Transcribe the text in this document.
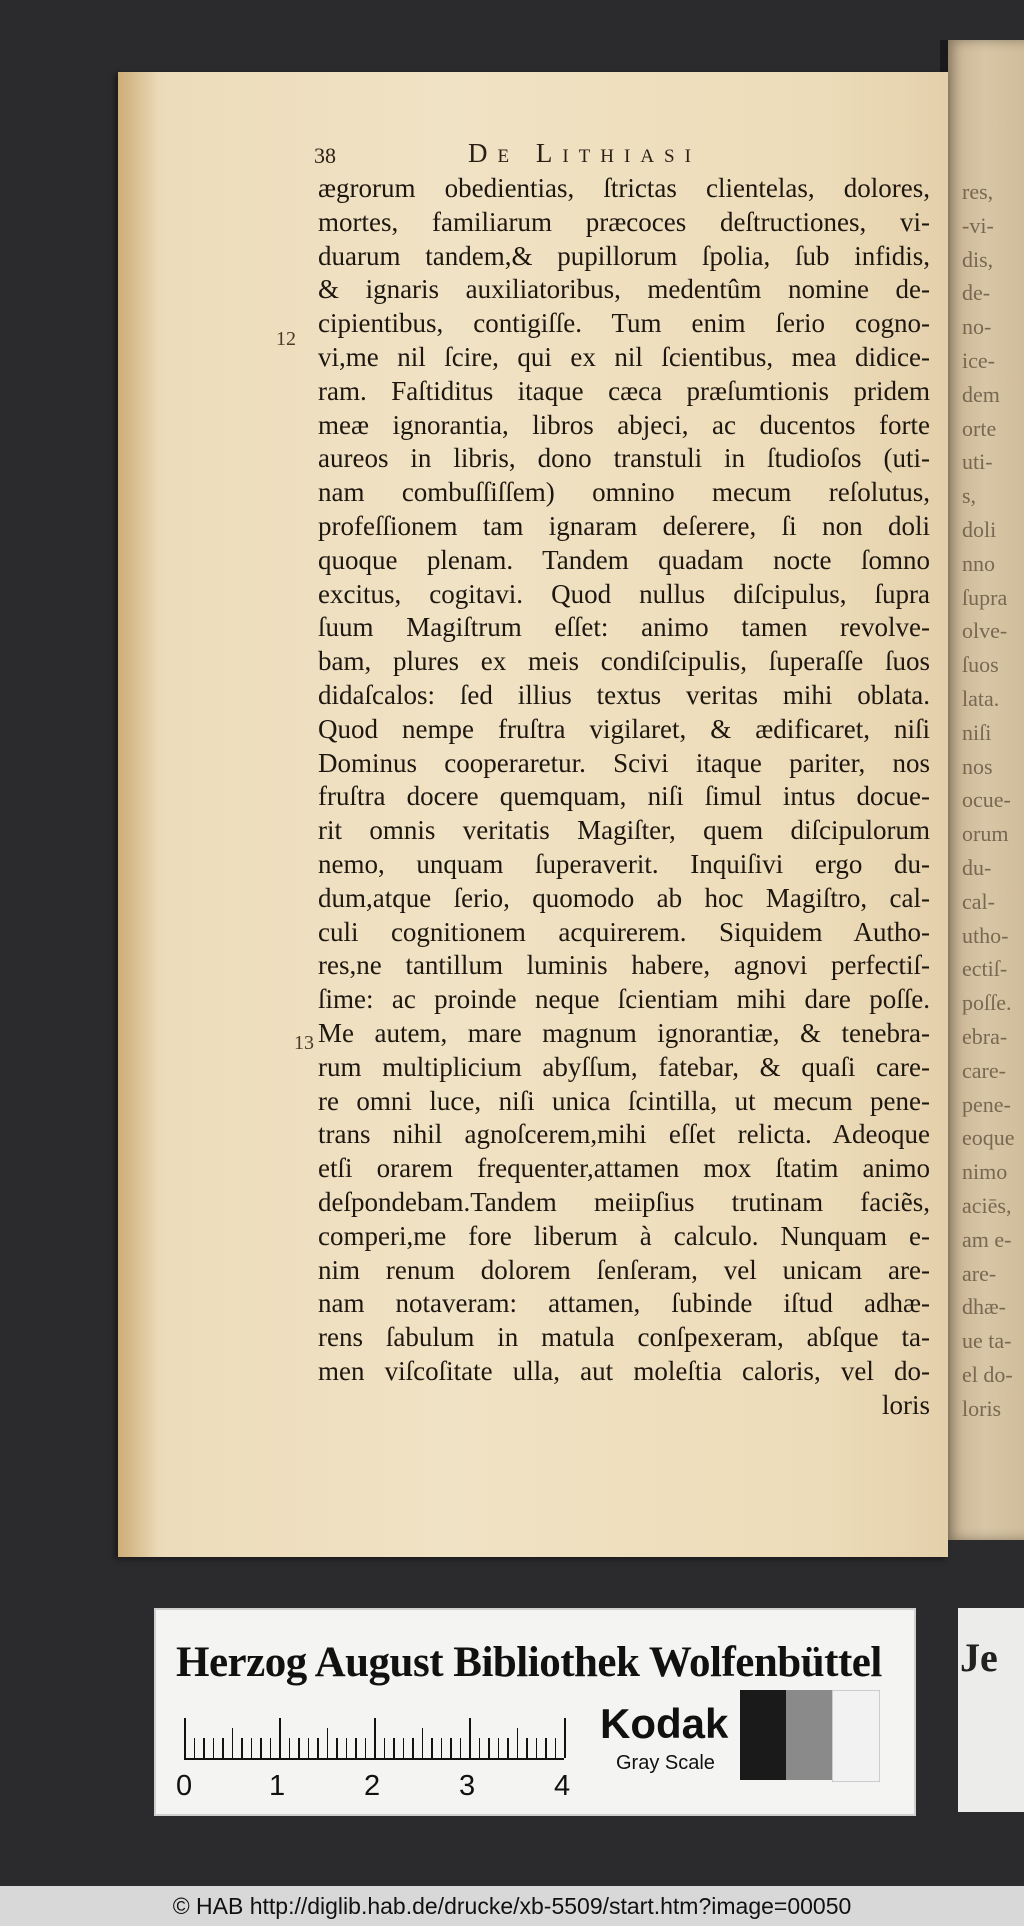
res,
-vi-
dis,
de-
no-
ice-
dem
orte
uti-
s,
doli
nno
ſupra
olve-
ſuos
lata.
niſi
nos
ocue-
orum
du-
cal-
utho-
ectiſ-
poſſe.
ebra-
care-
pene-
eoque
nimo
aciēs,
am e-
are-
dhæ-
ue ta-
el do-
loris
38	De Lithiasi
12
13
ægrorum obedientias, ſtrictas clientelas, dolores,
mortes, familiarum præcoces deſtructiones, vi-
duarum tandem,& pupillorum ſpolia, ſub infidis,
& ignaris auxiliatoribus, medentûm nomine de-
cipientibus, contigiſſe. Tum enim ſerio cogno-
vi,me nil ſcire, qui ex nil ſcientibus, mea didice-
ram. Faſtiditus itaque cæca præſumtionis pridem
meæ ignorantia, libros abjeci, ac ducentos forte
aureos in libris, dono transtuli in ſtudioſos (uti-
nam combuſſiſſem) omnino mecum reſolutus,
profeſſionem tam ignaram deſerere, ſi non doli
quoque plenam. Tandem quadam nocte ſomno
excitus, cogitavi. Quod nullus diſcipulus, ſupra
ſuum Magiſtrum eſſet: animo tamen revolve-
bam, plures ex meis condiſcipulis, ſuperaſſe ſuos
didaſcalos: ſed illius textus veritas mihi oblata.
Quod nempe fruſtra vigilaret, & ædificaret, niſi
Dominus cooperaretur. Scivi itaque pariter, nos
fruſtra docere quemquam, niſi ſimul intus docue-
rit omnis veritatis Magiſter, quem diſcipulorum
nemo, unquam ſuperaverit. Inquiſivi ergo du-
dum,atque ſerio, quomodo ab hoc Magiſtro, cal-
culi cognitionem acquirerem. Siquidem Autho-
res,ne tantillum luminis habere, agnovi perfectiſ-
ſime: ac proinde neque ſcientiam mihi dare poſſe.
Me autem, mare magnum ignorantiæ, & tenebra-
rum multiplicium abyſſum, fatebar, & quaſi care-
re omni luce, niſi unica ſcintilla, ut mecum pene-
trans nihil agnoſcerem,mihi eſſet relicta. Adeoque
etſi orarem frequenter,attamen mox ſtatim animo
deſpondebam.Tandem meiipſius trutinam faciẽs,
comperi,me fore liberum à calculo. Nunquam e-
nim renum dolorem ſenſeram, vel unicam are-
nam notaveram: attamen, ſubinde iſtud adhæ-
rens ſabulum in matula conſpexeram, abſque ta-
men viſcoſitate ulla, aut moleſtia caloris, vel do-
loris
Herzog August Bibliothek Wolfenbüttel
0	1	2	3	4
Kodak
Gray Scale
Je
© HAB http://diglib.hab.de/drucke/xb-5509/start.htm?image=00050
